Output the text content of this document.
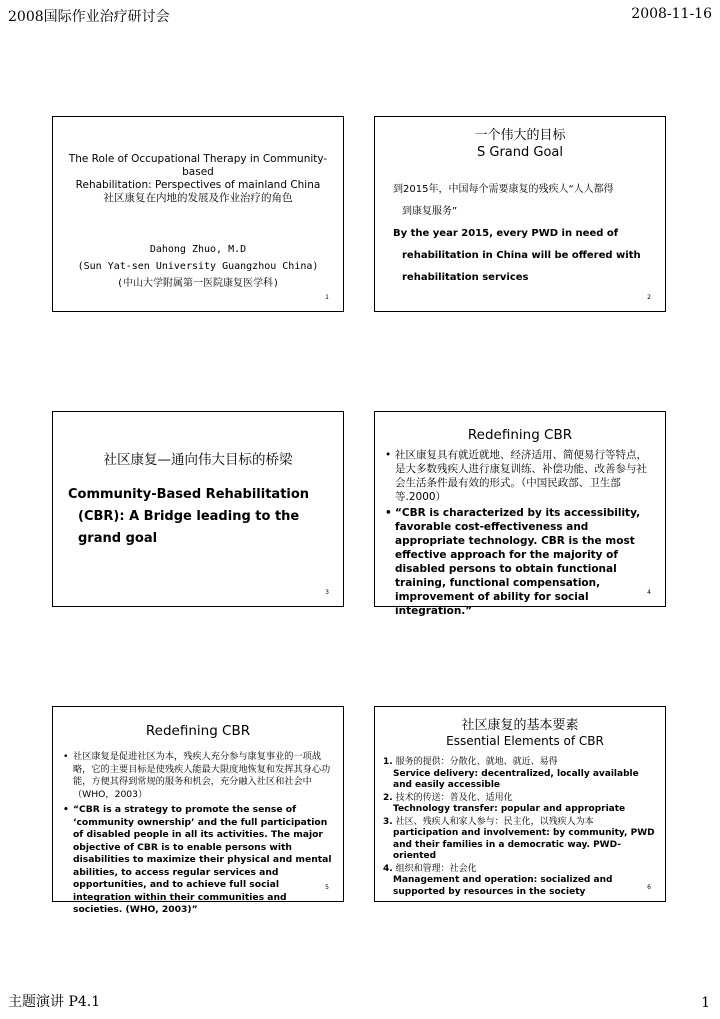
2008国际作业治疗研讨会	2008-11-16
The Role of Occupational Therapy in Community-based
Rehabilitation: Perspectives of mainland China
社区康复在内地的发展及作业治疗的角色
Dahong Zhuo, M.D
(Sun Yat-sen University Guangzhou China)
(中山大学附属第一医院康复医学科)
1
一个伟大的目标
S Grand Goal
到2015年，中国每个需要康复的残疾人“人人都得
到康复服务”
By the year 2015, every PWD in need of
rehabilitation in China will be offered with
rehabilitation services
2
社区康复—通向伟大目标的桥梁
Community-Based Rehabilitation
(CBR): A Bridge leading to the
grand goal
3
Redefining CBR
• 社区康复具有就近就地、经济适用、简便易行等特点，是大多数残疾人进行康复训练、补偿功能、改善参与社会生活条件最有效的形式。（中国民政部、卫生部等.2000）
• “CBR is characterized by its accessibility, favorable cost-effectiveness and appropriate technology. CBR is the most effective approach for the majority of disabled persons to obtain functional training, functional compensation, improvement of ability for social integration.”
4
Redefining CBR
• 社区康复是促进社区为本，残疾人充分参与康复事业的一项战略，它的主要目标是使残疾人能最大限度地恢复和发挥其身心功能，方便其得到常规的服务和机会，充分融入社区和社会中（WHO，2003）
• “CBR is a strategy to promote the sense of ‘community ownership’ and the full participation of disabled people in all its activities. The major objective of CBR is to enable persons with disabilities to maximize their physical and mental abilities, to access regular services and opportunities, and to achieve full social integration within their communities and societies. (WHO, 2003)”
5
社区康复的基本要素
Essential Elements of CBR
1. 服务的提供：分散化、就地、就近、易得
Service delivery: decentralized, locally available and easily accessible
2. 技术的传送：普及化、适用化
Technology transfer: popular and appropriate
3. 社区、残疾人和家人参与：民主化，以残疾人为本
participation and involvement: by community, PWD and their families in a democratic way. PWD-oriented
4. 组织和管理：社会化
Management and operation: socialized and supported by resources in the society	6
主题演讲 P4.1	1
